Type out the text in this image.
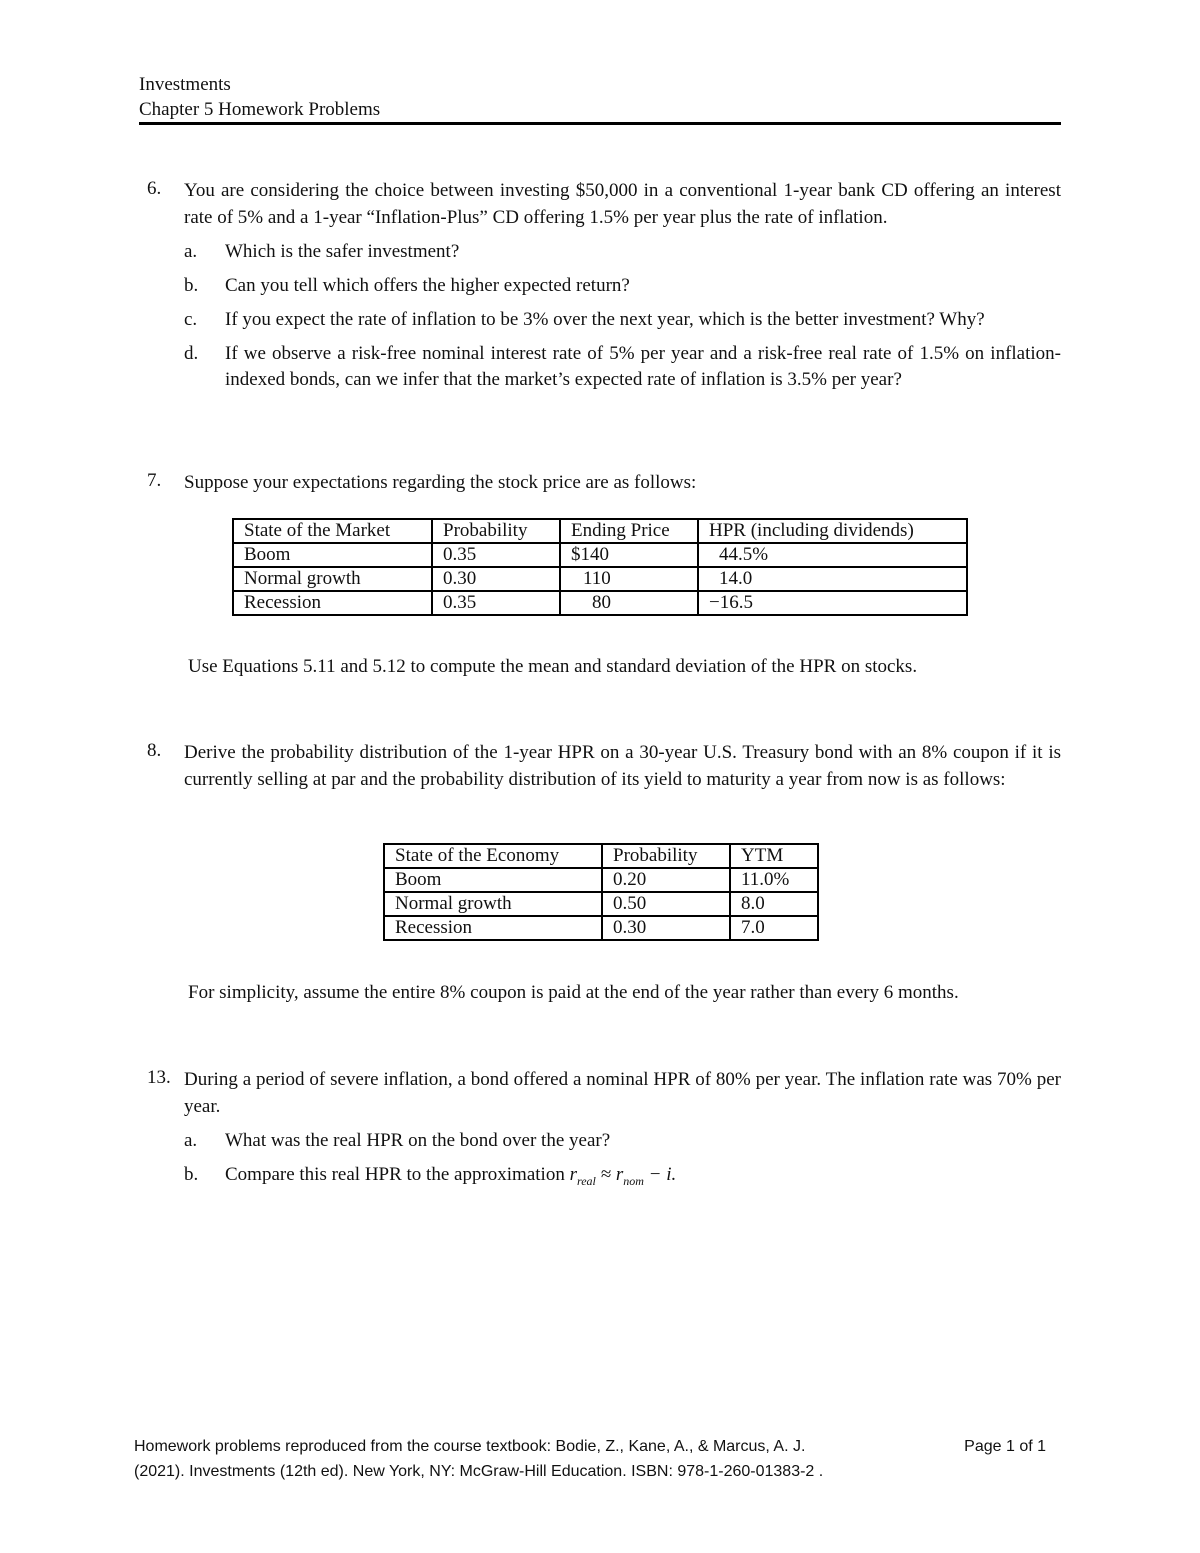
Investments
Chapter 5 Homework Problems
6. You are considering the choice between investing $50,000 in a conventional 1-year bank CD offering an interest rate of 5% and a 1-year “Inflation-Plus” CD offering 1.5% per year plus the rate of inflation.
a. Which is the safer investment?
b. Can you tell which offers the higher expected return?
c. If you expect the rate of inflation to be 3% over the next year, which is the better investment? Why?
d. If we observe a risk-free nominal interest rate of 5% per year and a risk-free real rate of 1.5% on inflation-indexed bonds, can we infer that the market’s expected rate of inflation is 3.5% per year?
7. Suppose your expectations regarding the stock price are as follows:
State of the Market	Probability	Ending Price	HPR (including dividends)
Boom	0.35	$140	44.5%
Normal growth	0.30	110	14.0
Recession	0.35	80	−16.5
Use Equations 5.11 and 5.12 to compute the mean and standard deviation of the HPR on stocks.
8. Derive the probability distribution of the 1-year HPR on a 30-year U.S. Treasury bond with an 8% coupon if it is currently selling at par and the probability distribution of its yield to maturity a year from now is as follows:
State of the Economy	Probability	YTM
Boom	0.20	11.0%
Normal growth	0.50	8.0
Recession	0.30	7.0
For simplicity, assume the entire 8% coupon is paid at the end of the year rather than every 6 months.
13. During a period of severe inflation, a bond offered a nominal HPR of 80% per year. The inflation rate was 70% per year.
a. What was the real HPR on the bond over the year?
b. Compare this real HPR to the approximation $r_{real} \approx r_{nom} - i$.
Homework problems reproduced from the course textbook: Bodie, Z., Kane, A., & Marcus, A. J.
(2021). Investments (12th ed). New York, NY: McGraw-Hill Education. ISBN: 978-1-260-01383-2 .
Page 1 of 1
